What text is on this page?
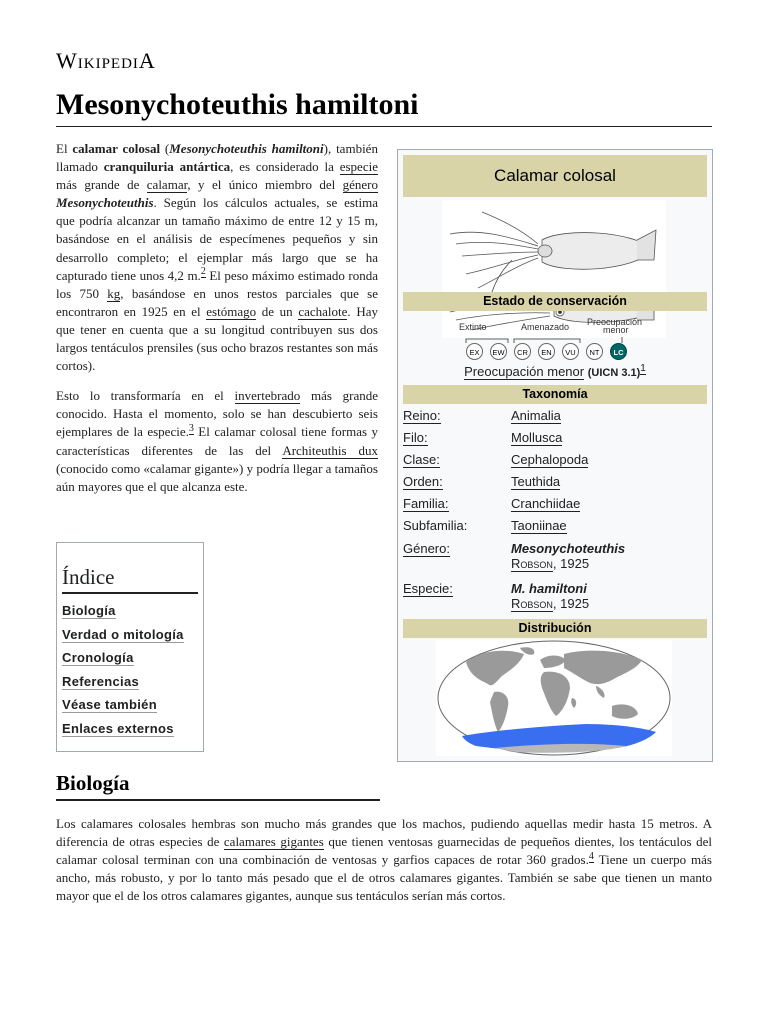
WikipediA
Mesonychoteuthis hamiltoni

El calamar colosal (Mesonychoteuthis hamiltoni), también llamado cranquiluria antártica, es considerado la especie más grande de calamar, y el único miembro del género Mesonychoteuthis. Según los cálculos actuales, se estima que podría alcanzar un tamaño máximo de entre 12 y 15 m, basándose en el análisis de especímenes pequeños y sin desarrollo completo; el ejemplar más largo que se ha capturado tiene unos 4,2 m.$^2$ El peso máximo estimado ronda los 750 kg, basándose en unos restos parciales que se encontraron en 1925 en el estómago de un cachalote. Hay que tener en cuenta que a su longitud contribuyen sus dos largos tentáculos prensiles (sus ocho brazos restantes son más cortos).

Esto lo transformaría en el invertebrado más grande conocido. Hasta el momento, solo se han descubierto seis ejemplares de la especie.$^3$ El calamar colosal tiene formas y características diferentes de las del Architeuthis dux (conocido como «calamar gigante») y podría llegar a tamaños aún mayores que el que alcanza este.

Índice
Biología
Verdad o mitología
Cronología
Referencias
Véase también
Enlaces externos
Calamar colosal
Estado de conservación
Extinto	Amenazado Preocupación
menor
EX	EW	CR	EN	VU	NT	LC
Preocupación menor (UICN 3.1)$^1$
Taxonomía
Reino:	Animalia
Filo:	Mollusca
Clase:	Cephalopoda
Orden:	Teuthida
Familia:	Cranchiidae
Subfamilia:	Taoniinae
Género:	Mesonychoteuthis
Robson, 1925
Especie:	M. hamiltoni
Robson, 1925
Distribución
Biología

Los calamares colosales hembras son mucho más grandes que los machos, pudiendo aquellas medir hasta 15 metros. A diferencia de otras especies de calamares gigantes que tienen ventosas guarnecidas de pequeños dientes, los tentáculos del calamar colosal terminan con una combinación de ventosas y garfios capaces de rotar 360 grados.$^4$ Tiene un cuerpo más ancho, más robusto, y por lo tanto más pesado que el de otros calamares gigantes. También se sabe que tienen un manto mayor que el de los otros calamares gigantes, aunque sus tentáculos serían más cortos.
